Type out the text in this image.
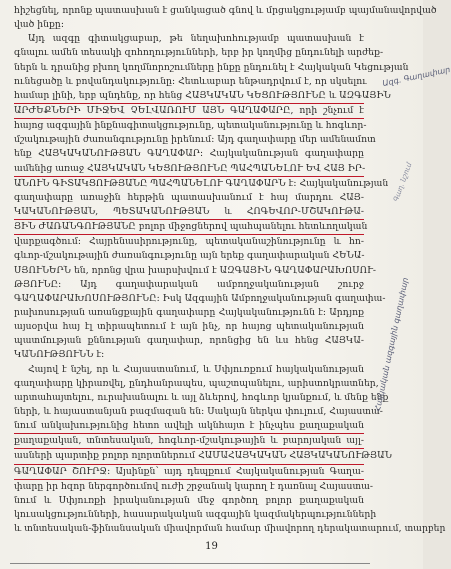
հիշեցնել, որոնք պատասխան է ցանկացած գնով և մրցակցությամբ պայմանավորված
ված ինքը:
Այդ ազգը գիտակցաբար, թե նեղախոհությամբ պատասխան է
գնալու ամեն տեսակի զոհողությունների, երբ իր կողմից ընդունելի արժեք-
ներն և դրանից բխող կողմնորոշումները ինքը ընդունել է Հայկական Կեցության
ունեցածը և բովանդակությունը: Հետևաբար ենթադրվում է, որ սկսելու
համար լինի, երբ պնդենք, որ հենց ՀԱՅԿԱԿԱՆ ԿԵՑՈՒԹՅՈՒՆԸ և ԱԶԳԱՅԻՆ
ԱՐԺԵՔՆԵՐԻ ՄԻՋԵՎ ՉԵԼՎԱՌՈՒՄ ԱՅՆ ԳԱՂԱՓԱՐԸ, որի շնչում է
հայոց ազգային ինքնագիտակցությունը, պետականությունը և հոգևոր-
մշակութային ժառանգությունը իրենում: Այդ գաղափարը մեր ամենամոտ
ենք ՀԱՅԿԱԿԱՆՈՒԹՅԱՆ ԳԱՂԱՓԱՐ: Հայկականության գաղափարը
ամենից առաջ ՀԱՅԿԱԿԱՆ ԿԵՑՈՒԹՅՈՒՆԸ ՊԱՀՊԱՆԵԼՈՒ ԵՎ ՀԱՅ ԻՐ-
ԱՆՈՒՆ ԳԻՏԱԿՑՈՒԹՅԱՆԸ ՊԱՀՊԱՆԵԼՈՒ ԳԱՂԱՓԱՐՆ է: Հայկականության
գաղափարը առաջին հերթին պատասխանում է հայ մարդու ՀԱՅ-
ԿԱԿԱՆՈՒԹՅԱՆ, ՊԵՏԱԿԱՆՈՒԹՅԱՆ և ՀՈԳԵՎՈՐ-ՄՇԱԿՈՒԹԱ-
ՅԻՆ ԺԱՌԱՆԳՈՒԹՅԱՆԸ բոլոր միջոցներով պահպանելու հետևողական
վարքագծում: Հայրենասիրությունը, պետականաշինությունը և հո-
գևոր-մշակութային ժառանգությունը այն երեք գաղափարական ՀԵՆԱ-
ՍՅՈՒՆԵՐՆ են, որոնց վրա խարսխվում է ԱԶԳԱՅԻՆ ԳԱՂԱՓԱՐԱԽՈՍՈՒ-
ԹՅՈՒՆԸ: Այդ գաղափարական ամբողջականության շուրջ
ԳԱՂԱՓԱՐԱԽՈՍՈՒԹՅՈՒՆԸ: Իսկ Ազգային Ամբողջականության գաղափա-
րախոսության առանցքային գաղափարը Հայկականությունն է: Արդյոք
այսօրվա հայ էլ տիրապետում է այն ինչ, որ հայոց պետականության
պատմության քննության գաղափար, որոնցից են ևս հենց ՀԱՅԿԱ-
ԿԱՆՈՒԹՅՈՒՆՆ է:
Հայով է նշել, որ և Հայաստանում, և Սփյուռքում հայկականության
գաղափարը կիրառվել, ընդհանրապես, պաշտպանելու, արիստոկրատներ,
արտահայտելու, ուրախանալու և այլ ձևերով, հոգևոր կյանքում, և մենք ենք
ների, և հայաստանյան բազմազան են: Սակայն ներկա փուլում, Հայաստա-
նում անկախությունից հետո ավելի ակնհայտ է ինչպես քաղաքական
քաղաքական, տնտեսական, հոգևոր-մշակութային և բարոյական այլ-
ասների պարտիք բոլոր ոլորտներում ՀԱՄԱՀԱՅԿԱԿԱՆ ՀԱՅԿԱԿԱՆՈՒԹՅԱՆ
ԳԱՂԱՓԱՐ ՇՈՒՐՋ: Այսինքն՝ այդ դեպքում Հայկականության Գաղա-
փարը իր հզոր ներգործումով ուժի շրջանակ կարող է դառնալ Հայաստա-
նում և Սփյուռքի իրականության մեջ գործող բոլոր քաղաքական
կուսակցությունների, հասարակական ազգային կազմակերպությունների
և տնտեսական-ֆինանսական միավորման համար միավորող դերակատարում, տարբեր
Ազգ. Գաղափար
Հայկական ազգային գաղափար
Գաղ. նշում
19
